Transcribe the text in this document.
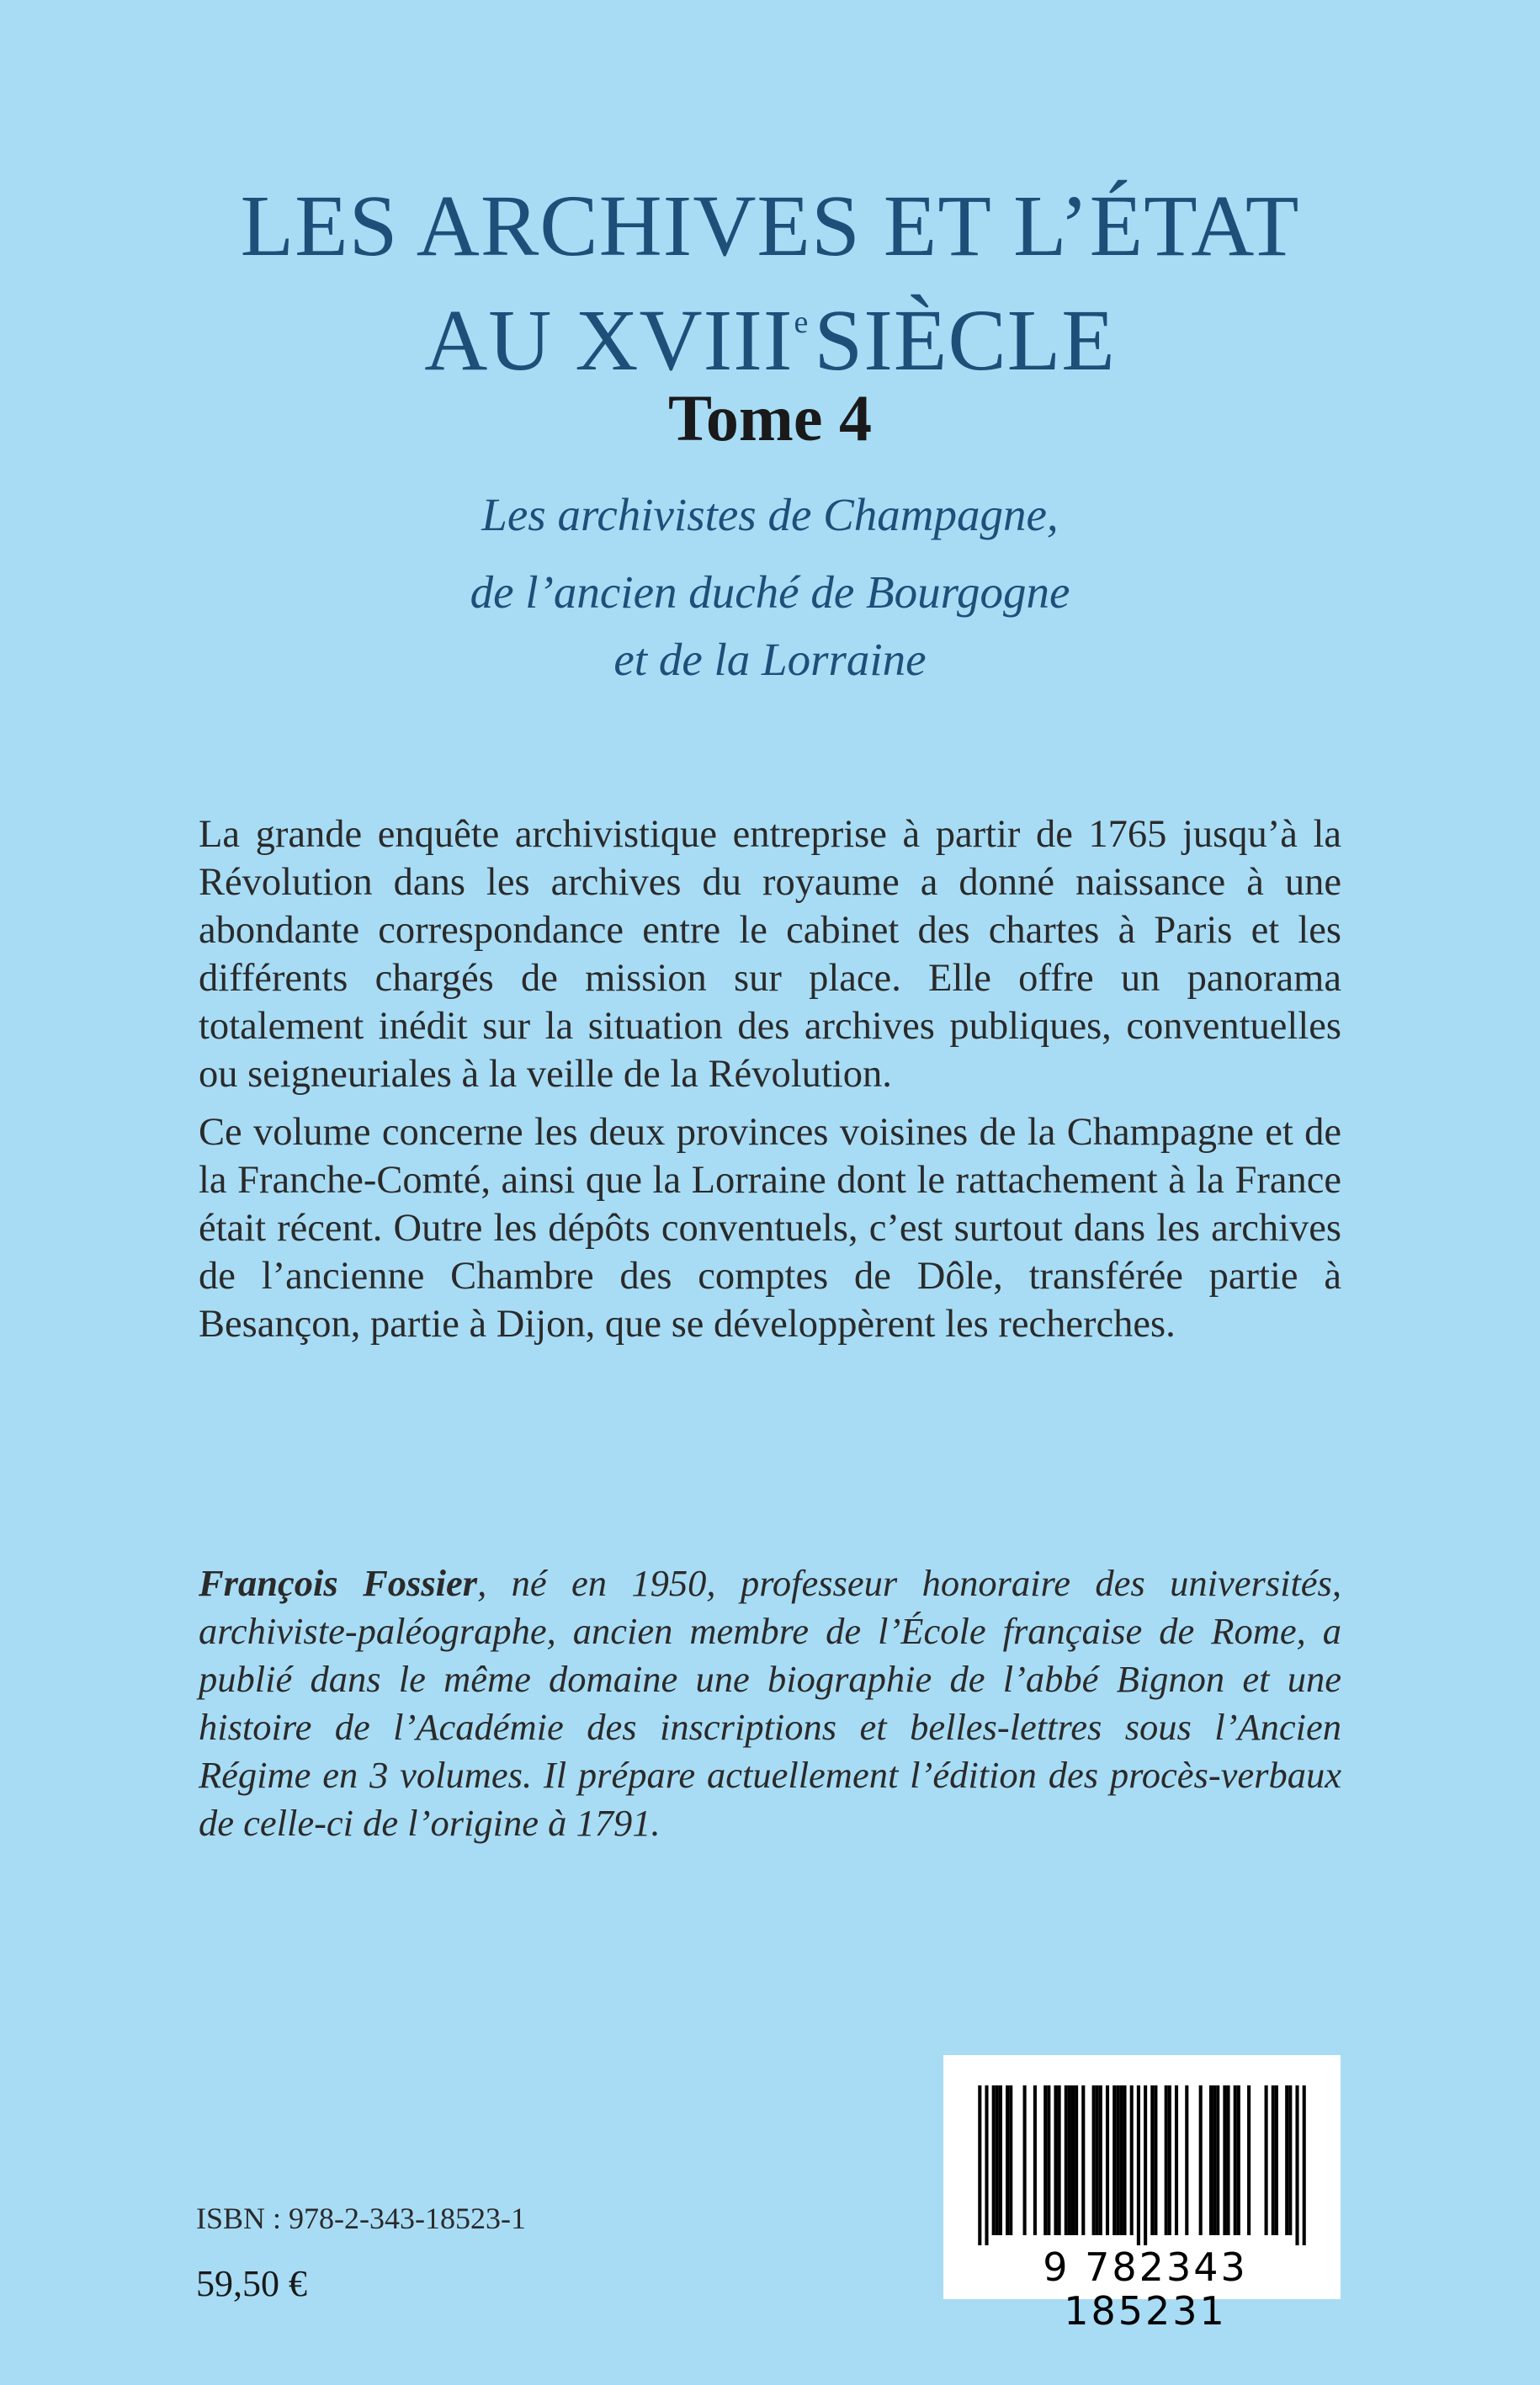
LES ARCHIVES ET L’ÉTAT
AU XVIIIeSIÈCLE
Tome 4
Les archivistes de Champagne,
de l’ancien duché de Bourgogne
et de la Lorraine

La grande enquête archivistique entreprise à partir de 1765 jusqu’à la Révolution dans les archives du royaume a donné naissance à une abondante correspondance entre le cabinet des chartes à Paris et les différents chargés de mission sur place. Elle offre un panorama totalement inédit sur la situation des archives publiques, conventuelles ou seigneuriales à la veille de la Révolution.

Ce volume concerne les deux provinces voisines de la Champagne et de la Franche-Comté, ainsi que la Lorraine dont le rattachement à la France était récent. Outre les dépôts conventuels, c’est surtout dans les archives de l’ancienne Chambre des comptes de Dôle, transférée partie à Besançon, partie à Dijon, que se développèrent les recherches.

François Fossier, né en 1950, professeur honoraire des universités, archiviste-paléographe, ancien membre de l’École française de Rome, a publié dans le même domaine une biographie de l’abbé Bignon et une histoire de l’Académie des inscriptions et belles-lettres sous l’Ancien Régime en 3 volumes. Il prépare actuellement l’édition des procès-verbaux de celle-ci de l’origine à 1791.

ISBN : 978-2-343-18523-1
59,50 €	9 782343 185231
